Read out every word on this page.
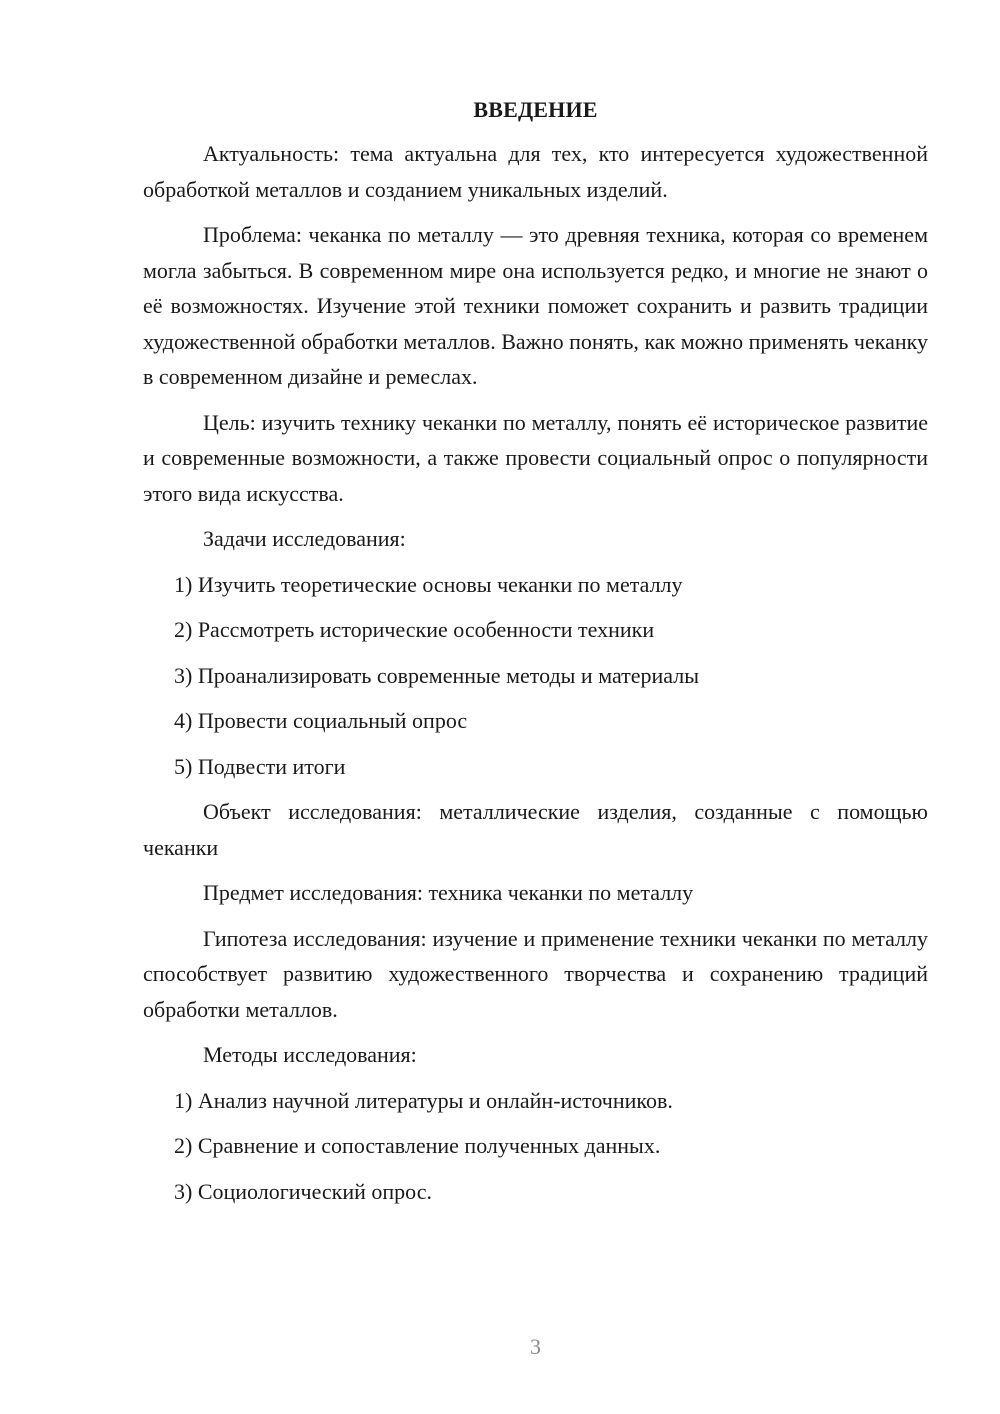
ВВЕДЕНИЕ

Актуальность: тема актуальна для тех, кто интересуется художественной обработкой металлов и созданием уникальных изделий.

Проблема: чеканка по металлу — это древняя техника, которая со временем могла забыться. В современном мире она используется редко, и многие не знают о её возможностях. Изучение этой техники поможет сохранить и развить традиции художественной обработки металлов. Важно понять, как можно применять чеканку в современном дизайне и ремеслах.

Цель: изучить технику чеканки по металлу, понять её историческое развитие и современные возможности, а также провести социальный опрос о популярности этого вида искусства.

Задачи исследования:

1) Изучить теоретические основы чеканки по металлу
2) Рассмотреть исторические особенности техники
3) Проанализировать современные методы и материалы
4) Провести социальный опрос
5) Подвести итоги

Объект исследования: металлические изделия, созданные с помощью чеканки

Предмет исследования: техника чеканки по металлу

Гипотеза исследования: изучение и применение техники чеканки по металлу способствует развитию художественного творчества и сохранению традиций обработки металлов.

Методы исследования:

1) Анализ научной литературы и онлайн-источников.
2) Сравнение и сопоставление полученных данных.
3) Социологический опрос.
3
